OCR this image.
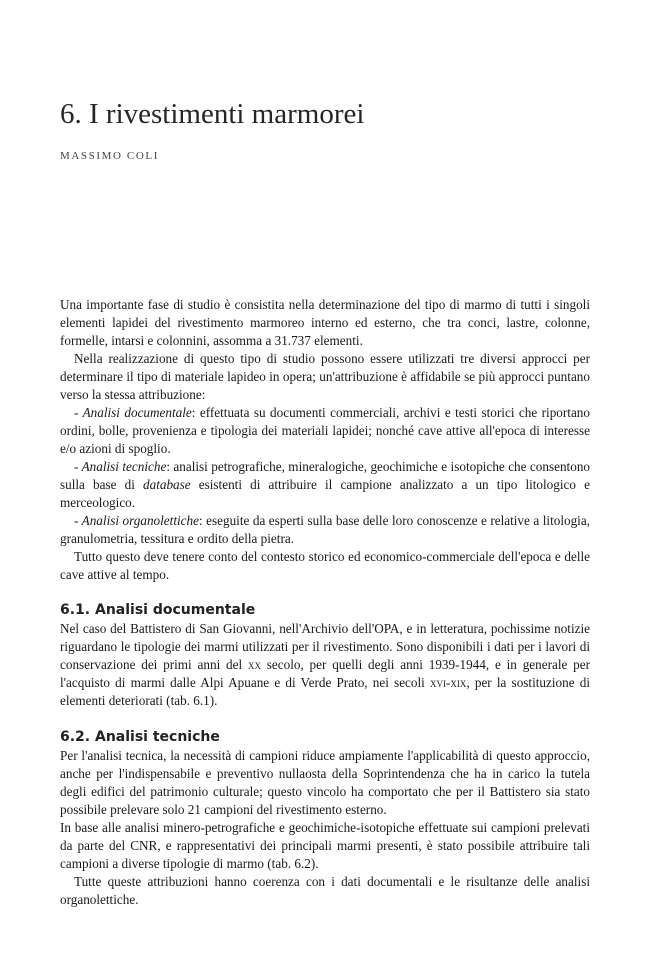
6. I rivestimenti marmorei
MASSIMO COLI

Una importante fase di studio è consistita nella determinazione del tipo di marmo di tutti i singoli elementi lapidei del rivestimento marmoreo interno ed esterno, che tra conci, lastre, colonne, formelle, intarsi e colonnini, assomma a 31.737 elementi.

Nella realizzazione di questo tipo di studio possono essere utilizzati tre diversi approcci per determinare il tipo di materiale lapideo in opera; un'attribuzione è affidabile se più approcci puntano verso la stessa attribuzione:

- Analisi documentale: effettuata su documenti commerciali, archivi e testi storici che riportano ordini, bolle, provenienza e tipologia dei materiali lapidei; nonché cave attive all'epoca di interesse e/o azioni di spoglio.

- Analisi tecniche: analisi petrografiche, mineralogiche, geochimiche e isotopiche che consentono sulla base di database esistenti di attribuire il campione analizzato a un tipo litologico e merceologico.

- Analisi organolettiche: eseguite da esperti sulla base delle loro conoscenze e relative a litologia, granulometria, tessitura e ordito della pietra.

Tutto questo deve tenere conto del contesto storico ed economico-commerciale dell'epoca e delle cave attive al tempo.

6.1. Analisi documentale

Nel caso del Battistero di San Giovanni, nell'Archivio dell'OPA, e in letteratura, pochissime notizie riguardano le tipologie dei marmi utilizzati per il rivestimento. Sono disponibili i dati per i lavori di conservazione dei primi anni del xx secolo, per quelli degli anni 1939-1944, e in generale per l'acquisto di marmi dalle Alpi Apuane e di Verde Prato, nei secoli xvi-xix, per la sostituzione di elementi deteriorati (tab. 6.1).

6.2. Analisi tecniche

Per l'analisi tecnica, la necessità di campioni riduce ampiamente l'applicabilità di questo approccio, anche per l'indispensabile e preventivo nullaosta della Soprintendenza che ha in carico la tutela degli edifici del patrimonio culturale; questo vincolo ha comportato che per il Battistero sia stato possibile prelevare solo 21 campioni del rivestimento esterno.

In base alle analisi minero-petrografiche e geochimiche-isotopiche effettuate sui campioni prelevati da parte del CNR, e rappresentativi dei principali marmi presenti, è stato possibile attribuire tali campioni a diverse tipologie di marmo (tab. 6.2).

Tutte queste attribuzioni hanno coerenza con i dati documentali e le risultanze delle analisi organolettiche.
